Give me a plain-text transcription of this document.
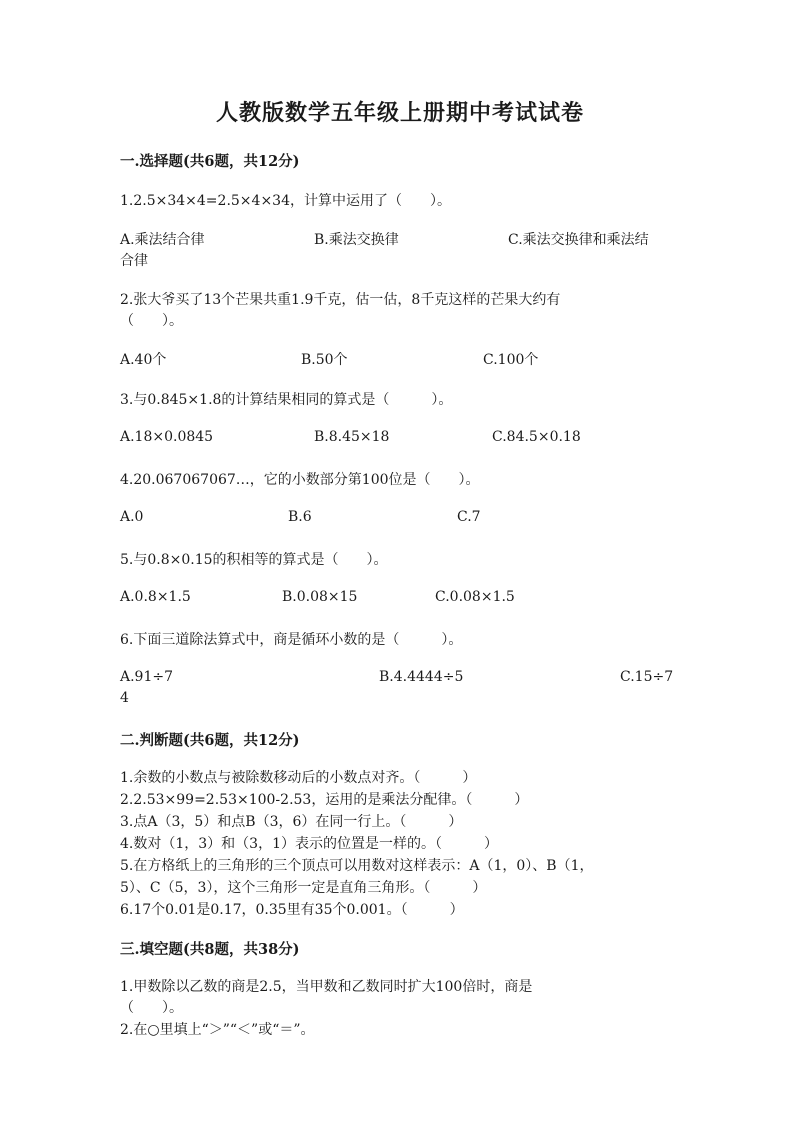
人教版数学五年级上册期中考试试卷
一.选择题(共6题，共12分)
1.2.5×34×4=2.5×4×34，计算中运用了（　　）。
A.乘法结合律	B.乘法交换律	C.乘法交换律和乘法结
合律
2.张大爷买了13个芒果共重1.9千克，估一估，8千克这样的芒果大约有
（　　）。
A.40个	B.50个	C.100个
3.与0.845×1.8的计算结果相同的算式是（　　　）。
A.18×0.0845	B.8.45×18	C.84.5×0.18
4.20.067067067…，它的小数部分第100位是（　　）。
A.0	B.6	C.7
5.与0.8×0.15的积相等的算式是（　　）。
A.0.8×1.5	B.0.08×15	C.0.08×1.5
6.下面三道除法算式中，商是循环小数的是（　　　）。
A.91÷7	B.4.4444÷5	C.15÷7
4
二.判断题(共6题，共12分)
1.余数的小数点与被除数移动后的小数点对齐。（　　　）
2.2.53×99=2.53×100-2.53，运用的是乘法分配律。（　　　）
3.点A（3，5）和点B（3，6）在同一行上。（　　　）
4.数对（1，3）和（3，1）表示的位置是一样的。（　　　）
5.在方格纸上的三角形的三个顶点可以用数对这样表示：A（1，0）、B（1，
5）、C（5，3），这个三角形一定是直角三角形。（　　　）
6.17个0.01是0.17，0.35里有35个0.001。（　　　）
三.填空题(共8题，共38分)
1.甲数除以乙数的商是2.5，当甲数和乙数同时扩大100倍时，商是
（　　）。
2.在○里填上“＞”“＜”或“＝”。
